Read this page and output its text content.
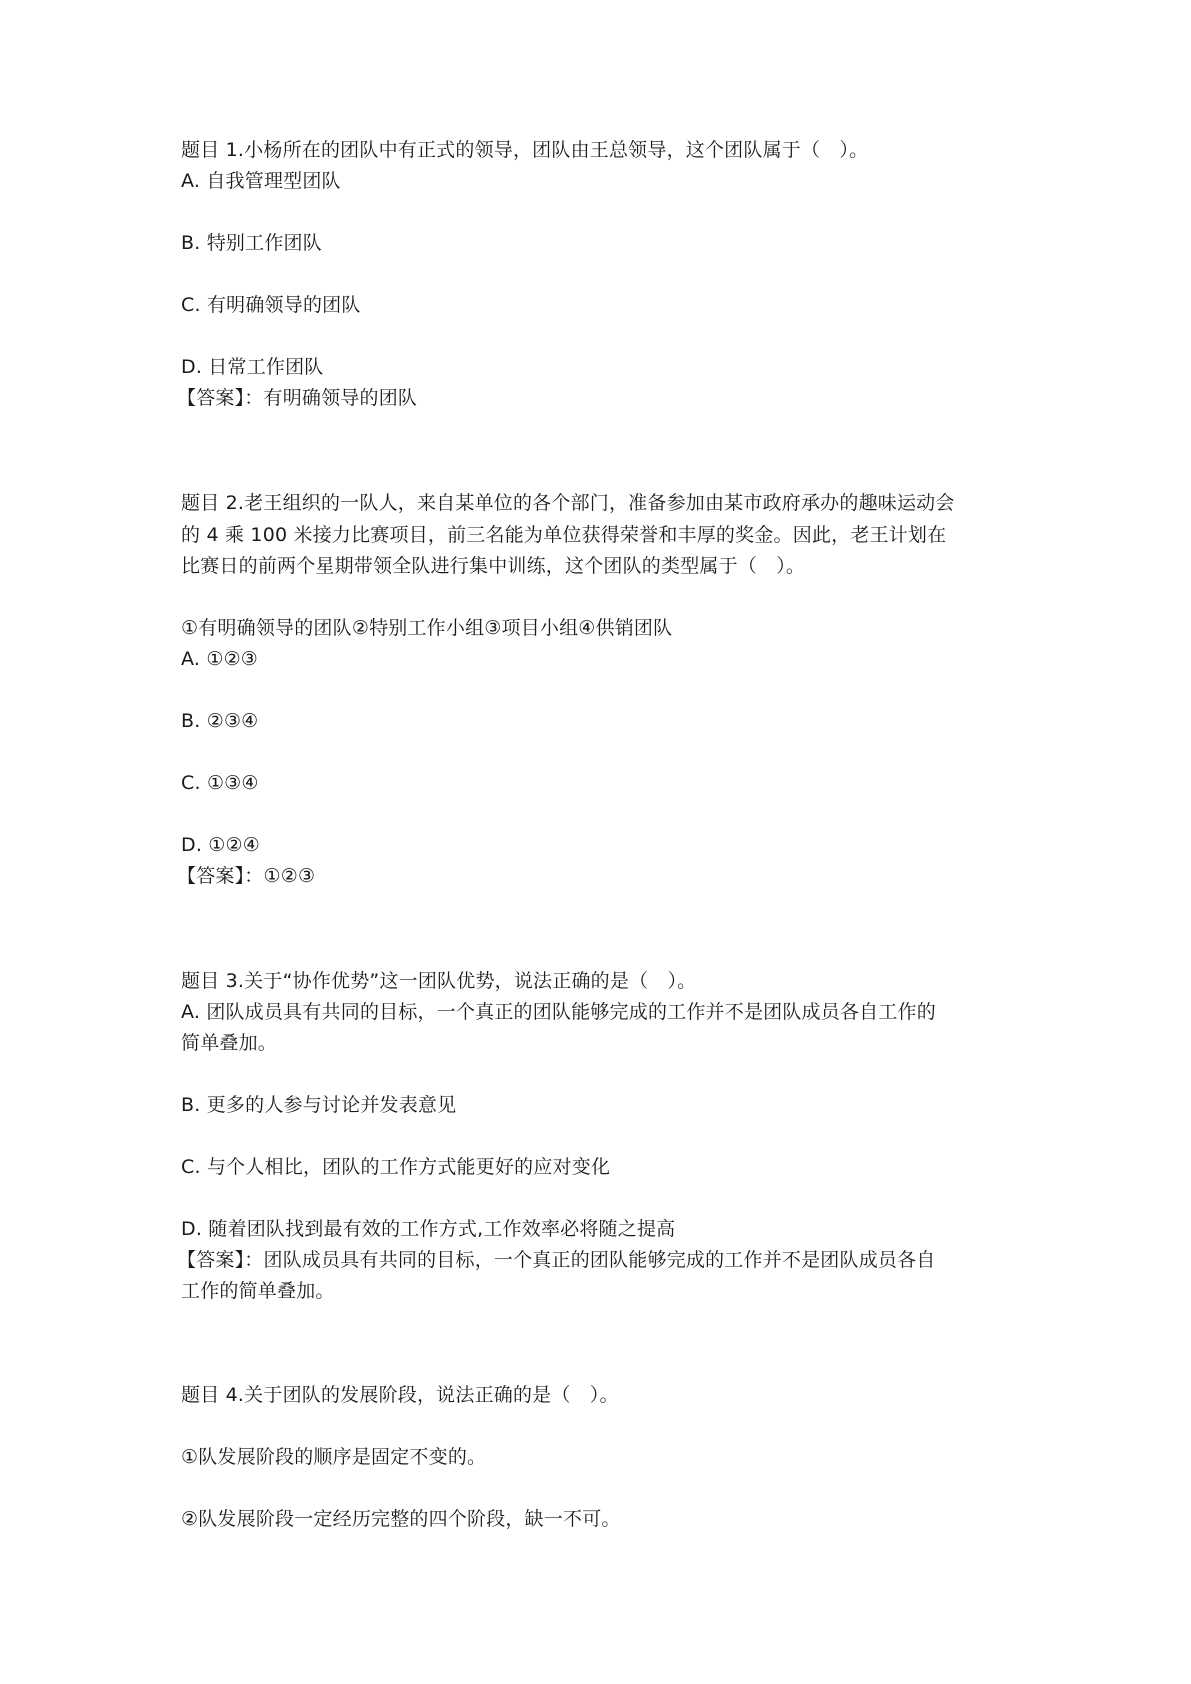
题目 1.小杨所在的团队中有正式的领导，团队由王总领导，这个团队属于（　）。
A. 自我管理型团队
B. 特别工作团队
C. 有明确领导的团队
D. 日常工作团队
【答案】：有明确领导的团队
题目 2.老王组织的一队人，来自某单位的各个部门，准备参加由某市政府承办的趣味运动会
的 4 乘 100 米接力比赛项目，前三名能为单位获得荣誉和丰厚的奖金。因此，老王计划在
比赛日的前两个星期带领全队进行集中训练，这个团队的类型属于（　）。
①有明确领导的团队②特别工作小组③项目小组④供销团队
A. ①②③
B. ②③④
C. ①③④
D. ①②④
【答案】：①②③
题目 3.关于“协作优势”这一团队优势，说法正确的是（　）。
A. 团队成员具有共同的目标，一个真正的团队能够完成的工作并不是团队成员各自工作的
简单叠加。
B. 更多的人参与讨论并发表意见
C. 与个人相比，团队的工作方式能更好的应对变化
D. 随着团队找到最有效的工作方式,工作效率必将随之提高
【答案】：团队成员具有共同的目标，一个真正的团队能够完成的工作并不是团队成员各自
工作的简单叠加。
题目 4.关于团队的发展阶段，说法正确的是（　）。
①队发展阶段的顺序是固定不变的。
②队发展阶段一定经历完整的四个阶段，缺一不可。
